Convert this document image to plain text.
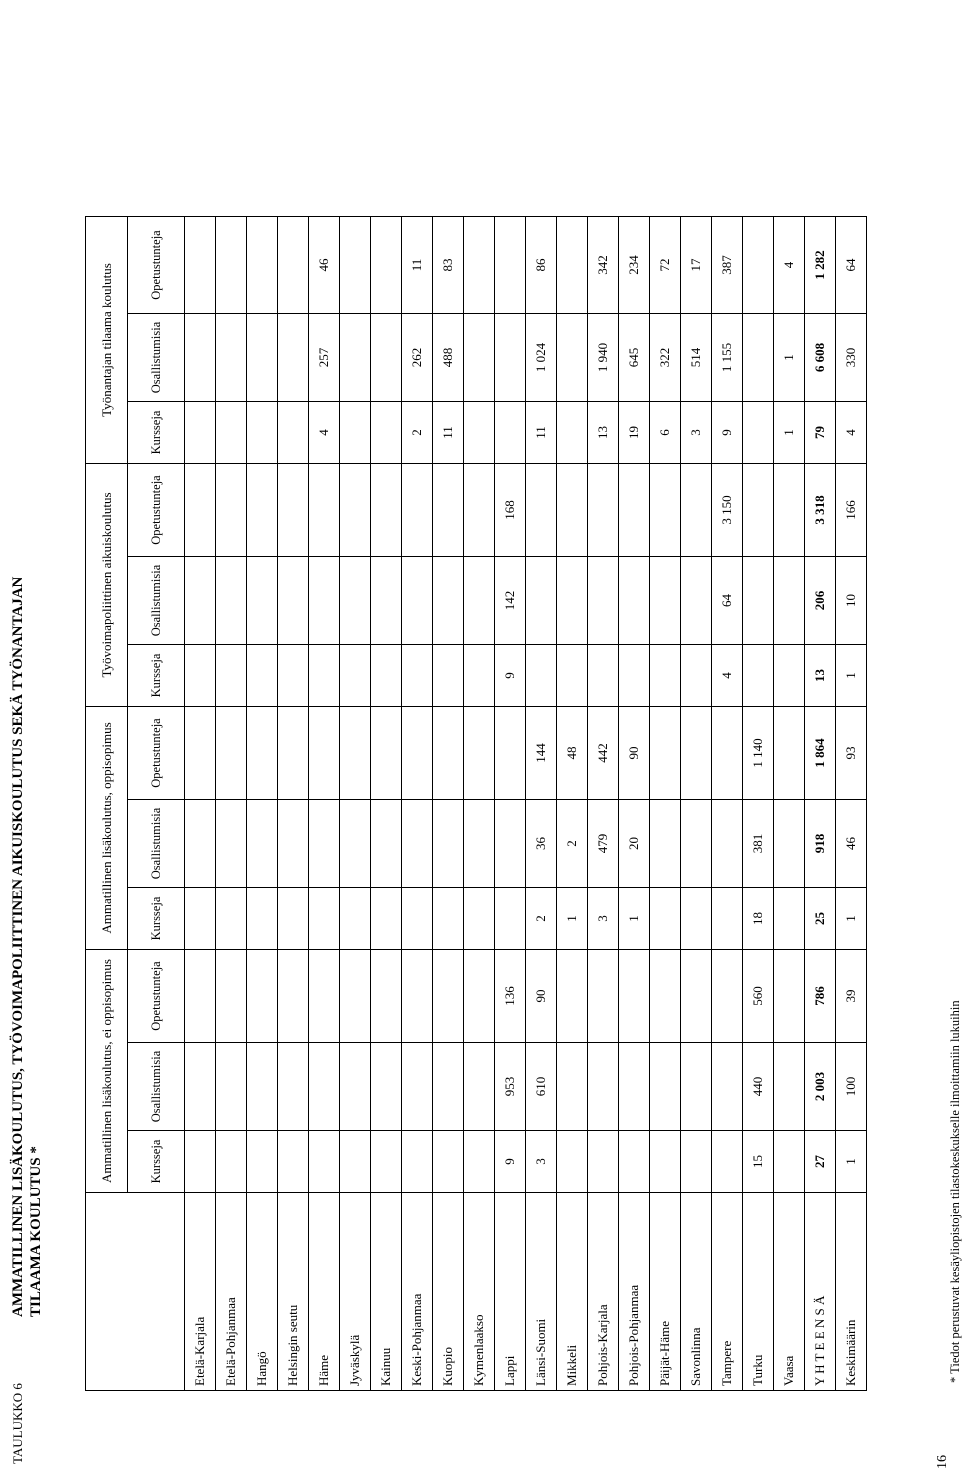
TAULUKKO 6
AMMATILLINEN LISÄKOULUTUS, TYÖVOIMAPOLIITTINEN AIKUISKOULUTUS SEKÄ TYÖNANTAJAN TILAAMA KOULUTUS *
	Ammatillinen lisäkoulutus, ei oppisopimus			Ammatillinen lisäkoulutus, oppisopimus			Työvoimapoliittinen aikuiskoulutus			Työnantajan tilaama koulutus		
	Kursseja	Osallistumisia	Opetustunteja	Kursseja	Osallistumisia	Opetustunteja	Kursseja	Osallistumisia	Opetustunteja	Kursseja	Osallistumisia	Opetustunteja
Etelä-Karjala												
Etelä-Pohjanmaa												
Hangö												
Helsingin seutu												
Häme										4	257	46
Jyväskylä												
Kainuu												
Keski-Pohjanmaa										2	262	11
Kuopio										11	488	83
Kymenlaakso												
Lappi	9	953	136				9	142	168			
Länsi-Suomi	3	610	90	2	36	144				11	1 024	86
Mikkeli				1	2	48						
Pohjois-Karjala				3	479	442				13	1 940	342
Pohjois-Pohjanmaa				1	20	90				19	645	234
Päijät-Häme										6	322	72
Savonlinna										3	514	17
Tampere							4	64	3 150	9	1 155	387
Turku	15	440	560	18	381	1 140						
Vaasa										1	1	4
Y H T E E N S Ä	27	2 003	786	25	918	1 864	13	206	3 318	79	6 608	1 282
Keskimäärin	1	100	39	1	46	93	1	10	166	4	330	64
* Tiedot perustuvat kesäyliopistojen tilastokeskukselle ilmoittamiin lukuihin
16
